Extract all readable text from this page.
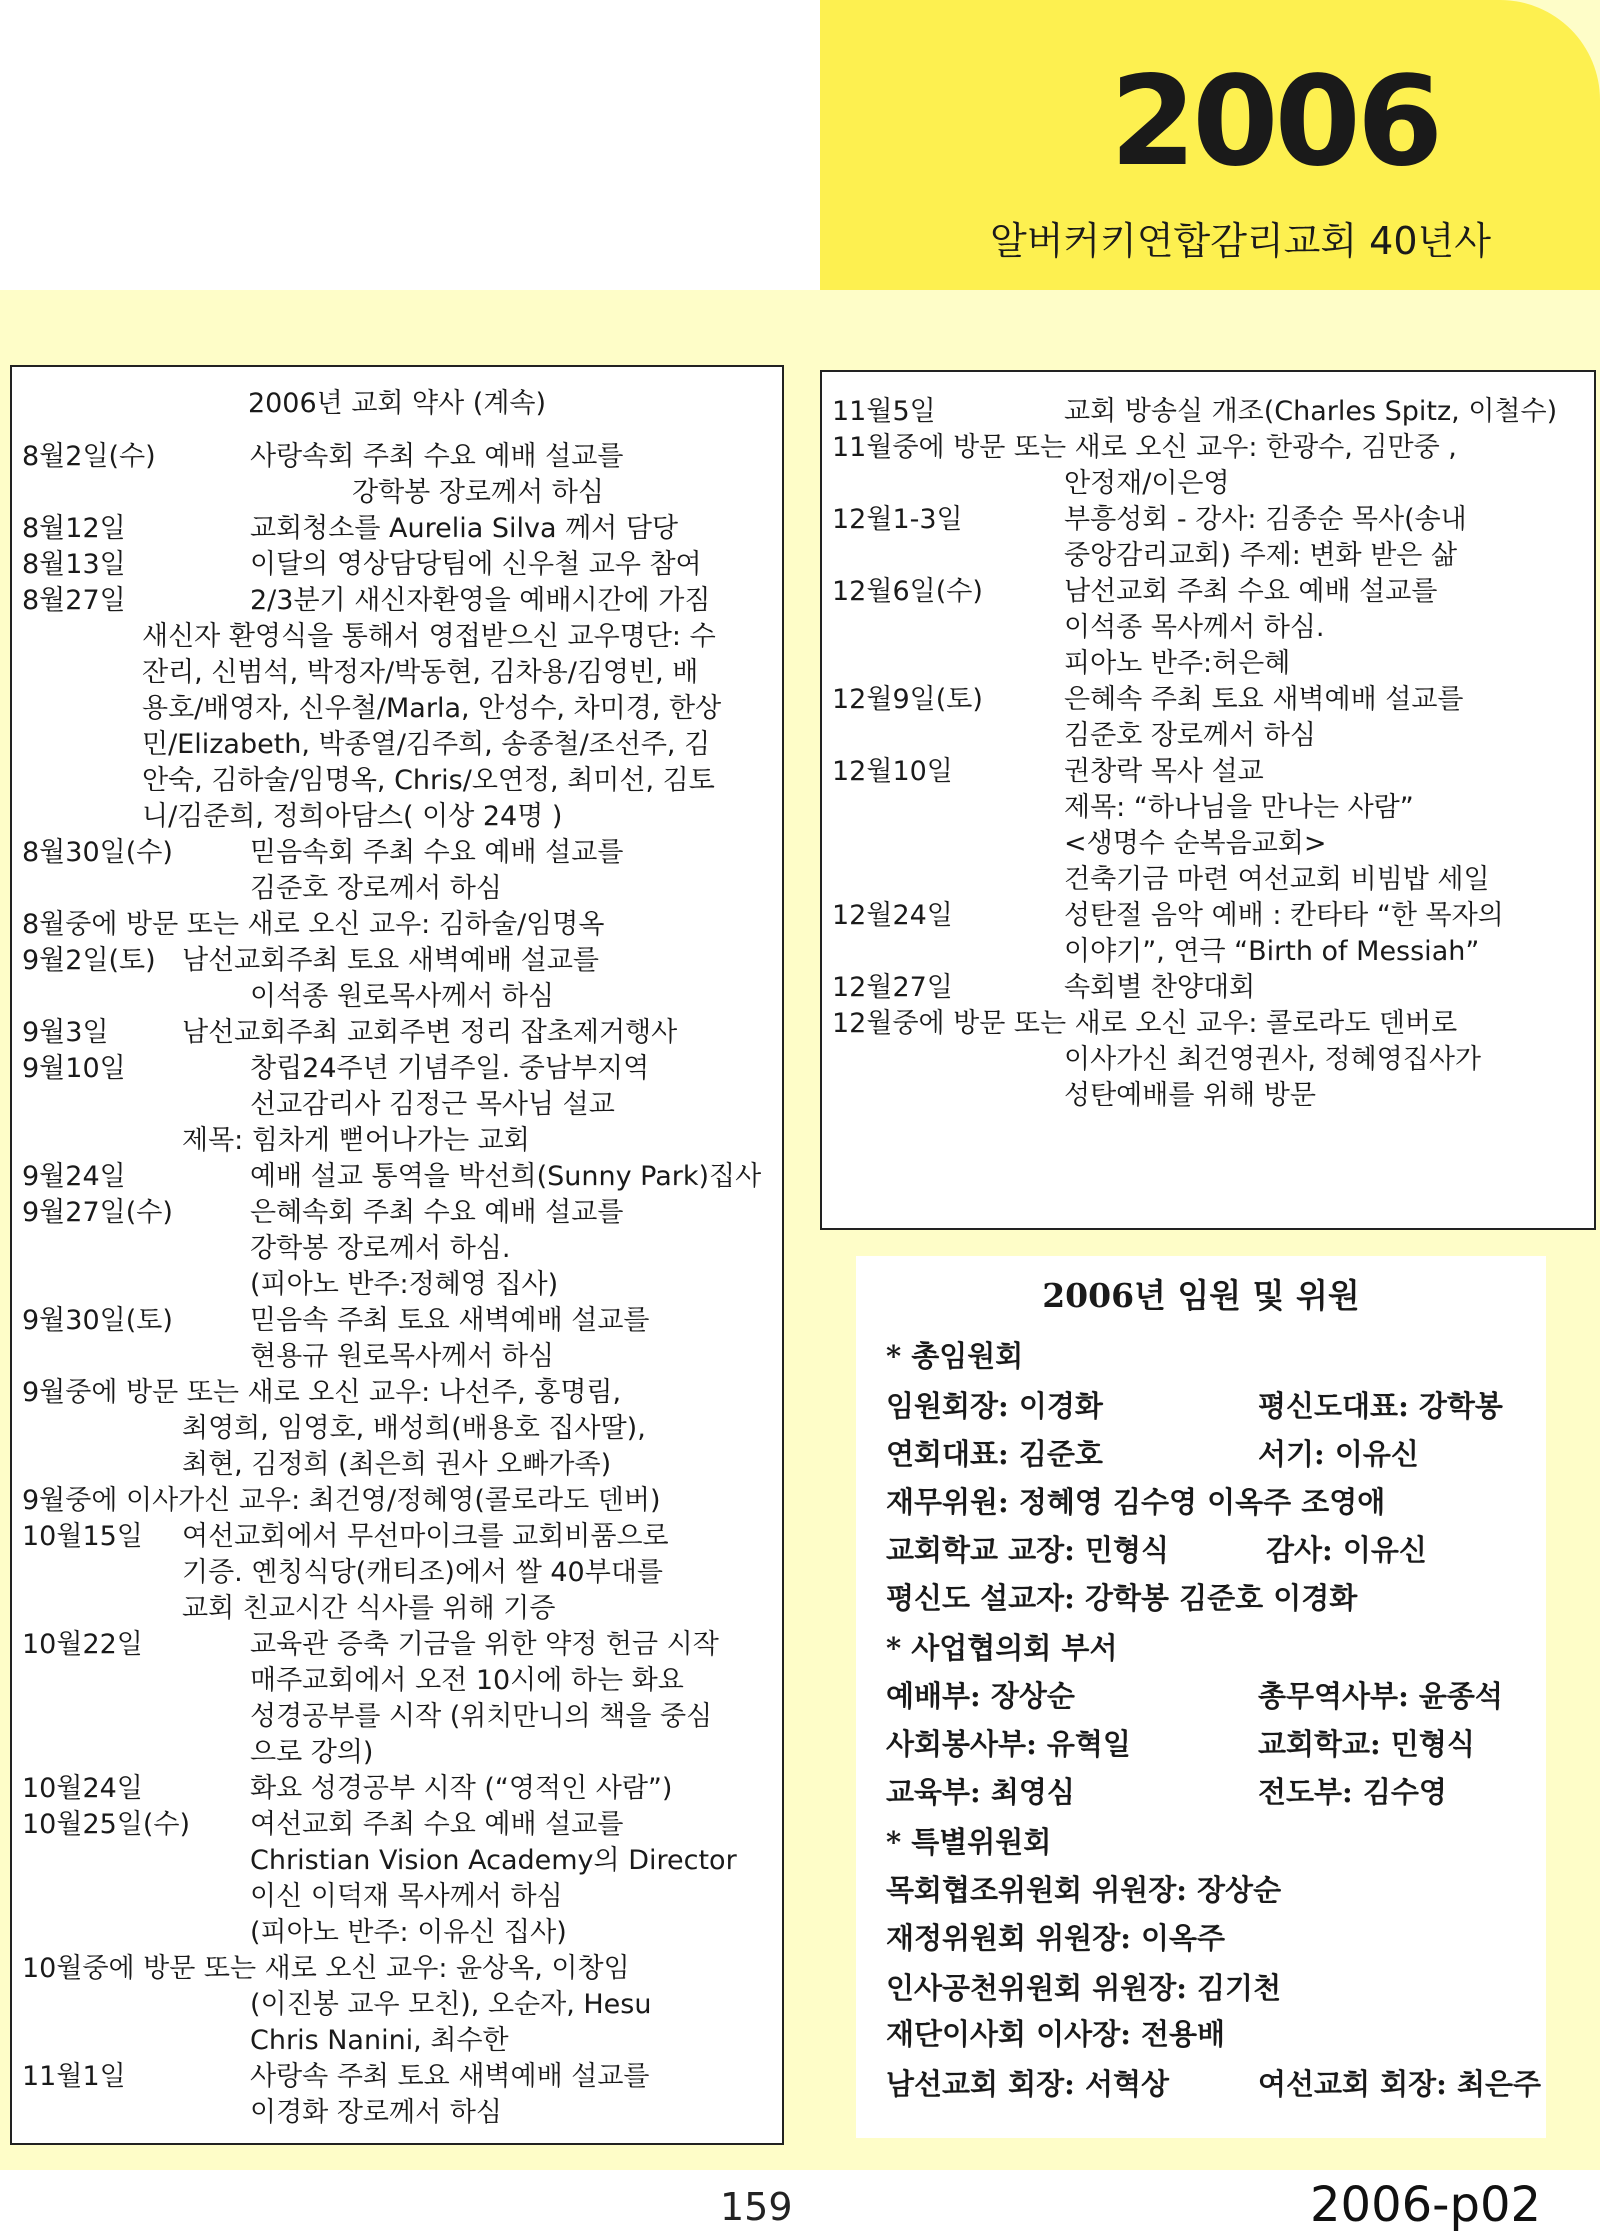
2006
알버커키연합감리교회 40년사
2006년 교회 약사 (계속)
8월2일(수)	사랑속회 주최 수요 예배 설교를
강학봉 장로께서 하심
8월12일	교회청소를 Aurelia Silva 께서 담당
8월13일	이달의 영상담당팀에 신우철 교우 참여
8월27일	2/3분기 새신자환영을 예배시간에 가짐
새신자 환영식을 통해서 영접받으신 교우명단: 수
잔리, 신범석, 박정자/박동현, 김차용/김영빈, 배
용호/배영자, 신우철/Marla, 안성수, 차미경, 한상
민/Elizabeth, 박종열/김주희, 송종철/조선주, 김
안숙, 김하술/임명옥, Chris/오연정, 최미선, 김토
니/김준희, 정희아담스( 이상 24명 )
8월30일(수)	믿음속회 주최 수요 예배 설교를
김준호 장로께서 하심
8월중에 방문 또는 새로 오신 교우: 김하술/임명옥
9월2일(토) 남선교회주최 토요 새벽예배 설교를
이석종 원로목사께서 하심
9월3일	남선교회주최 교회주변 정리 잡초제거행사
9월10일	창립24주년 기념주일. 중남부지역
선교감리사 김정근 목사님 설교
제목: 힘차게 뻗어나가는 교회
9월24일	예배 설교 통역을 박선희(Sunny Park)집사
9월27일(수)	은혜속회 주최 수요 예배 설교를
강학봉 장로께서 하심.
(피아노 반주:정혜영 집사)
9월30일(토)	믿음속 주최 토요 새벽예배 설교를
현용규 원로목사께서 하심
9월중에 방문 또는 새로 오신 교우: 나선주, 홍명림,
최영희, 임영호, 배성희(배용호 집사딸),
최현, 김정희 (최은희 권사 오빠가족)
9월중에 이사가신 교우: 최건영/정혜영(콜로라도 덴버)
10월15일 여선교회에서 무선마이크를 교회비품으로
기증. 옌칭식당(캐티조)에서 쌀 40부대를
교회 친교시간 식사를 위해 기증
10월22일	교육관 증축 기금을 위한 약정 헌금 시작
매주교회에서 오전 10시에 하는 화요
성경공부를 시작 (위치만니의 책을 중심
으로 강의)
10월24일	화요 성경공부 시작 (“영적인 사람”)
10월25일(수) 여선교회 주최 수요 예배 설교를
Christian Vision Academy의 Director
이신 이덕재 목사께서 하심
(피아노 반주: 이유신 집사)
10월중에 방문 또는 새로 오신 교우: 윤상옥, 이창임
(이진봉 교우 모친), 오순자, Hesu
Chris Nanini, 최수한
11월1일	사랑속 주최 토요 새벽예배 설교를
이경화 장로께서 하심
11월5일	교회 방송실 개조(Charles Spitz, 이철수)
11월중에 방문 또는 새로 오신 교우: 한광수, 김만중 ,
안정재/이은영
12월1-3일	부흥성회 - 강사: 김종순 목사(송내
중앙감리교회) 주제: 변화 받은 삶
12월6일(수)	남선교회 주최 수요 예배 설교를
이석종 목사께서 하심.
피아노 반주:허은혜
12월9일(토)	은혜속 주최 토요 새벽예배 설교를
김준호 장로께서 하심
12월10일	권창락 목사 설교
제목: “하나님을 만나는 사람”
<생명수 순복음교회>
건축기금 마련 여선교회 비빔밥 세일
12월24일	성탄절 음악 예배 : 칸타타 “한 목자의
이야기”, 연극 “Birth of Messiah”
12월27일	속회별 찬양대회
12월중에 방문 또는 새로 오신 교우: 콜로라도 덴버로
이사가신 최건영권사, 정혜영집사가
성탄예배를 위해 방문
2006년 임원 및 위원
* 총임원회
임원회장: 이경화	평신도대표: 강학봉
연회대표: 김준호	서기: 이유신
재무위원: 정혜영 김수영 이옥주 조영애
교회학교 교장: 민형식	감사: 이유신
평신도 설교자: 강학봉 김준호 이경화
* 사업협의회 부서
예배부: 장상순	총무역사부: 윤종석
사회봉사부: 유혁일	교회학교: 민형식
교육부: 최영심	전도부: 김수영
* 특별위원회
목회협조위원회 위원장: 장상순
재정위원회 위원장: 이옥주
인사공천위원회 위원장: 김기천
재단이사회 이사장: 전용배
남선교회 회장: 서혁상	여선교회 회장: 최은주
159	2006-p02
